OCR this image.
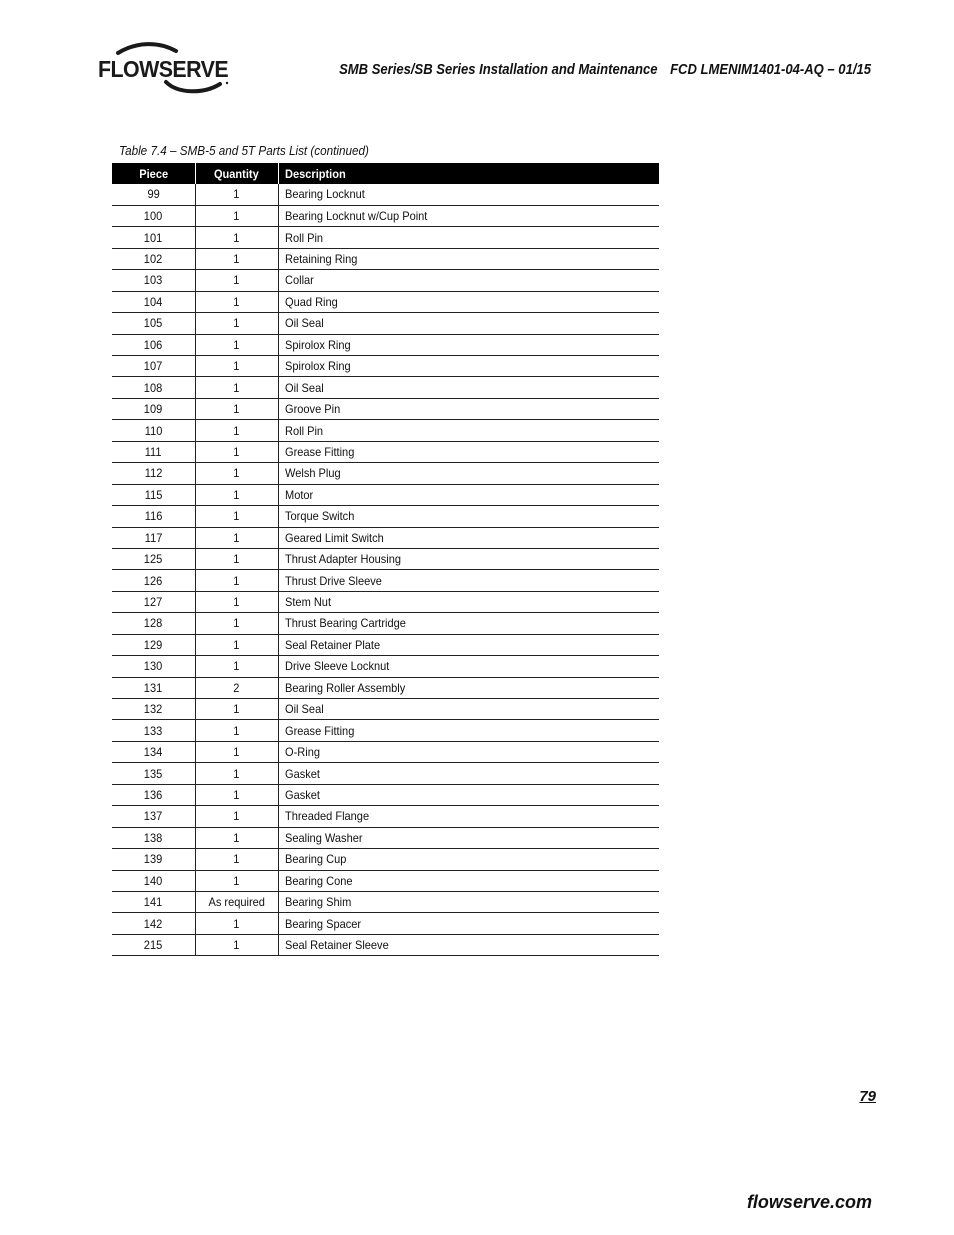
FLOWSERVE	SMB Series/SB Series Installation and Maintenance FCD LMENIM1401-04-AQ – 01/15
Table 7.4 – SMB-5 and 5T Parts List (continued)
Piece	Quantity	Description
99	1	Bearing Locknut
100	1	Bearing Locknut w/Cup Point
101	1	Roll Pin
102	1	Retaining Ring
103	1	Collar
104	1	Quad Ring
105	1	Oil Seal
106	1	Spirolox Ring
107	1	Spirolox Ring
108	1	Oil Seal
109	1	Groove Pin
110	1	Roll Pin
111	1	Grease Fitting
112	1	Welsh Plug
115	1	Motor
116	1	Torque Switch
117	1	Geared Limit Switch
125	1	Thrust Adapter Housing
126	1	Thrust Drive Sleeve
127	1	Stem Nut
128	1	Thrust Bearing Cartridge
129	1	Seal Retainer Plate
130	1	Drive Sleeve Locknut
131	2	Bearing Roller Assembly
132	1	Oil Seal
133	1	Grease Fitting
134	1	O-Ring
135	1	Gasket
136	1	Gasket
137	1	Threaded Flange
138	1	Sealing Washer
139	1	Bearing Cup
140	1	Bearing Cone
141	As required	Bearing Shim
142	1	Bearing Spacer
215	1	Seal Retainer Sleeve
79
flowserve.com
